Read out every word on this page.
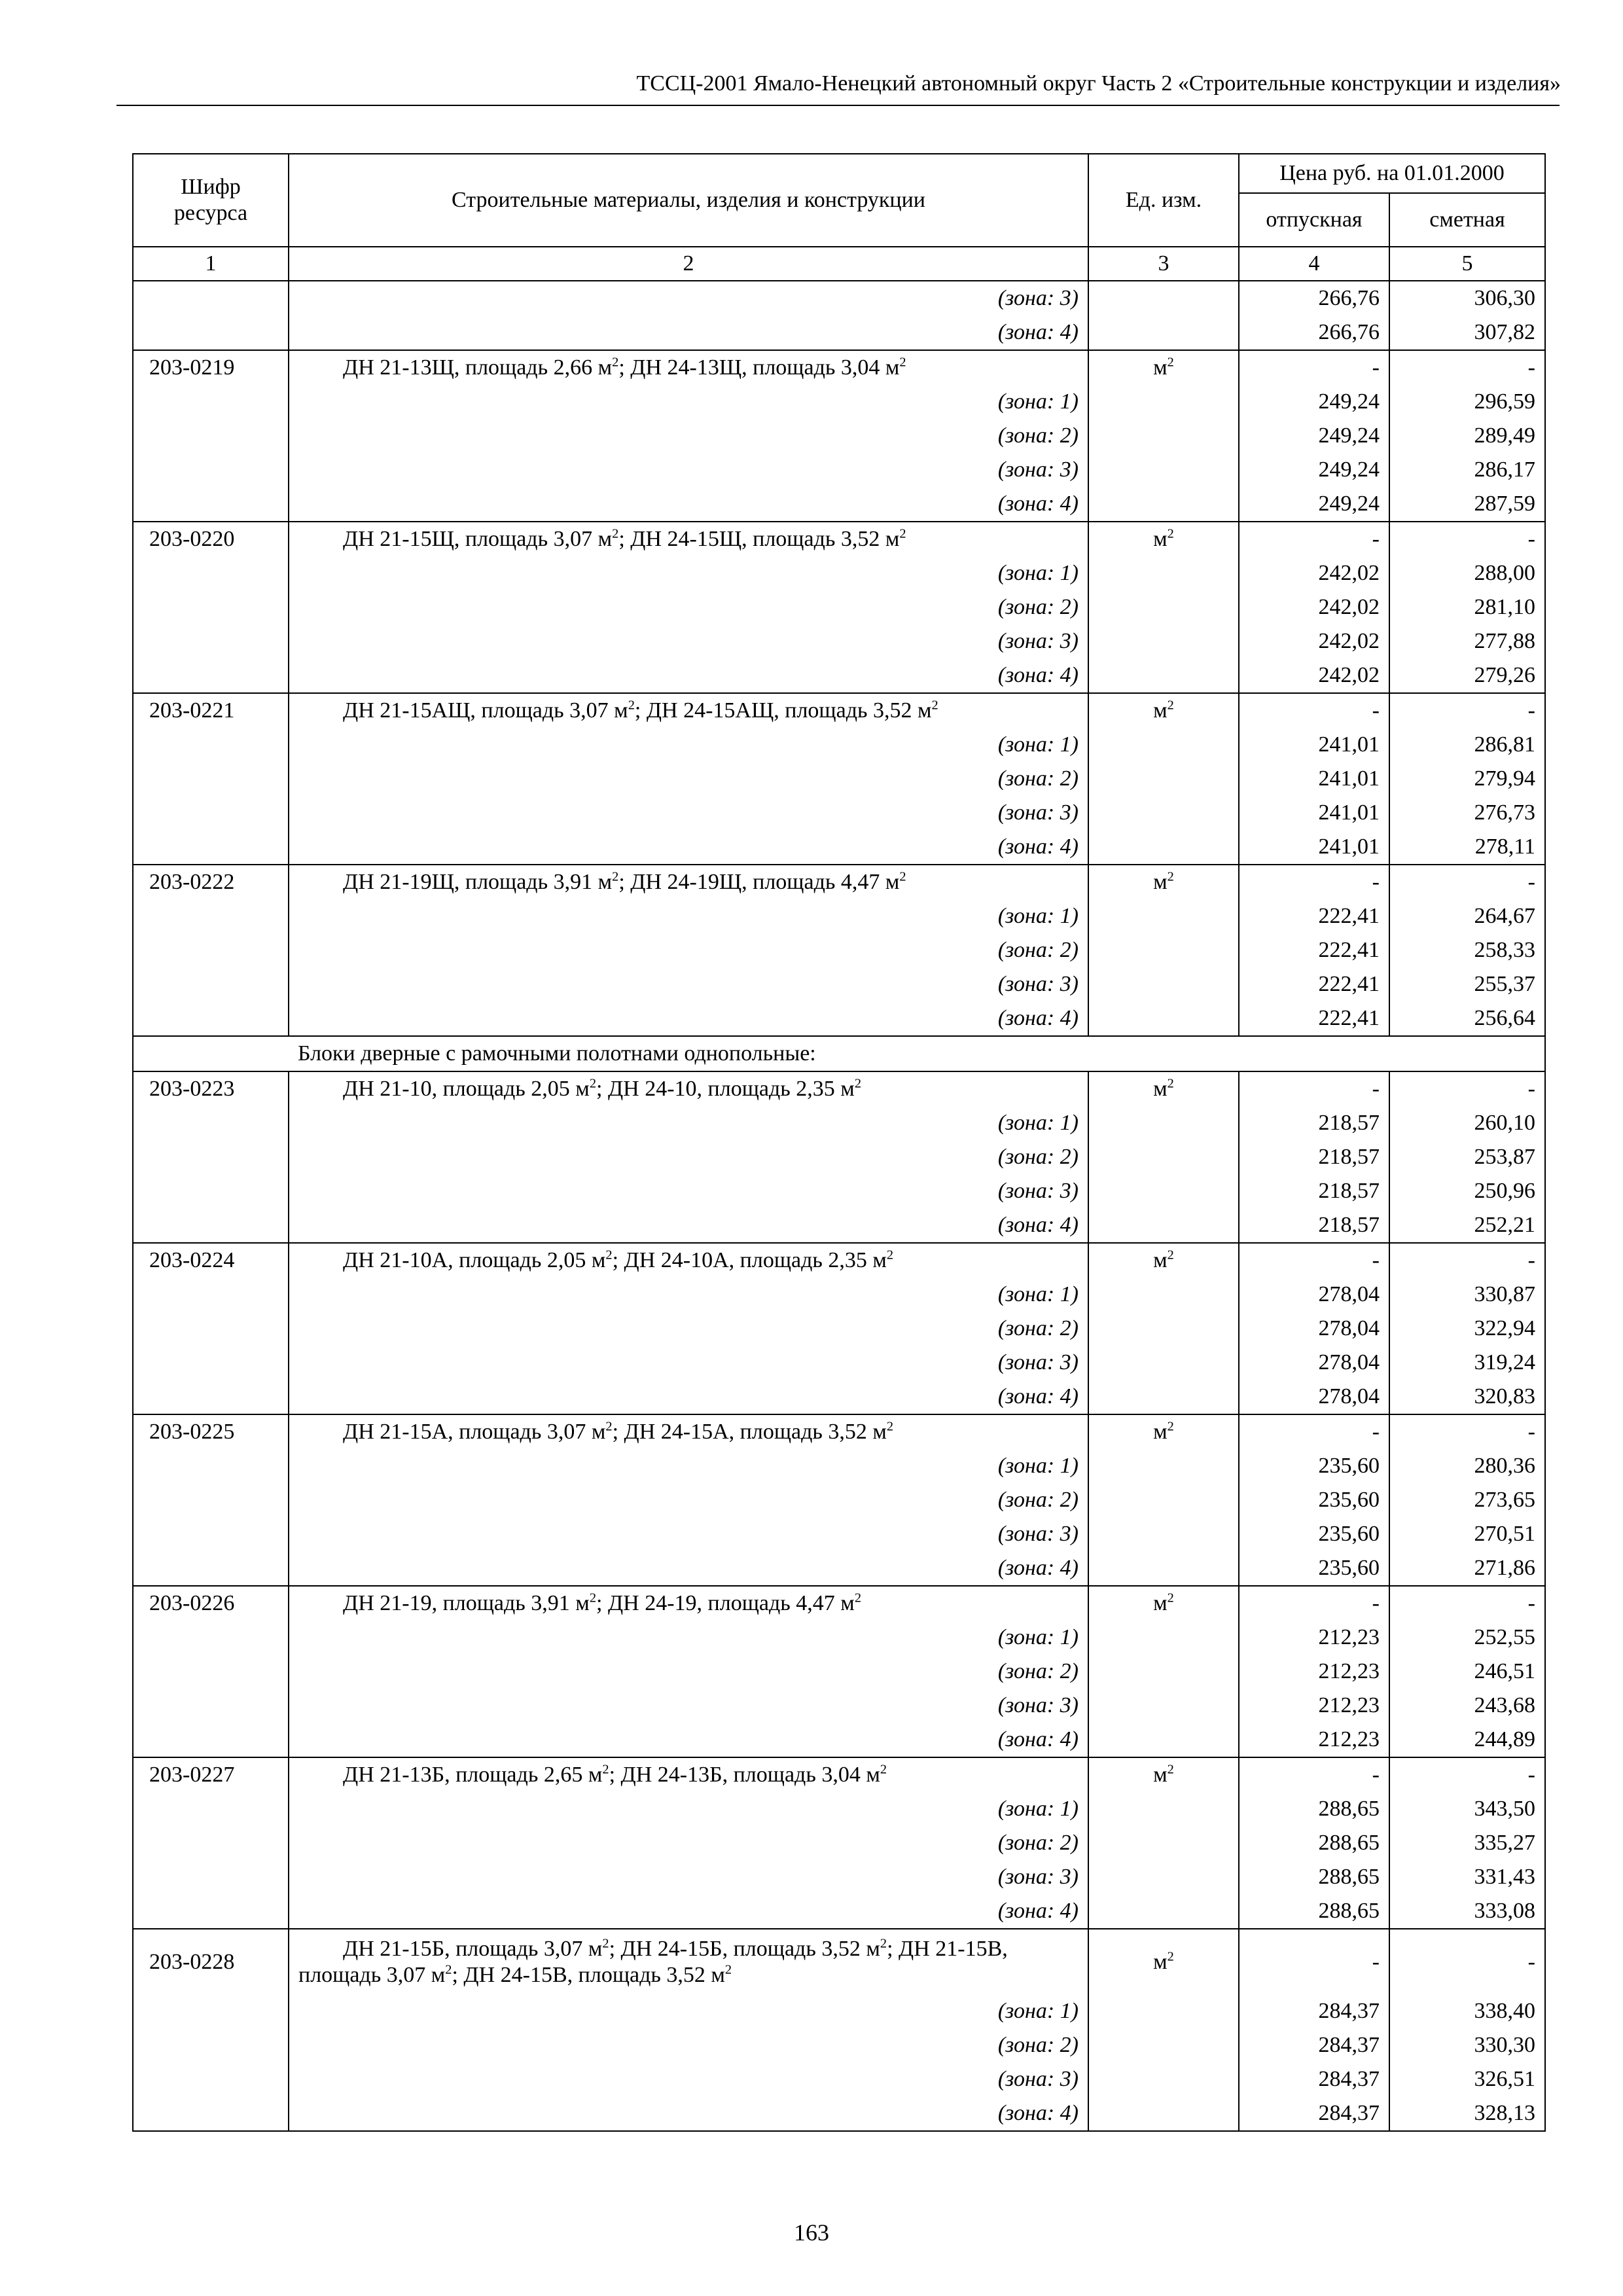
ТССЦ-2001 Ямало-Ненецкий автономный округ Часть 2 «Строительные конструкции и изделия»
Шифр ресурса	Строительные материалы, изделия и конструкции	Ед. изм.	Цена руб. на 01.01.2000	
			отпускная	сметная
1	2	3	4	5
	(зона: 3)		266,76	306,30
	(зона: 4)		266,76	307,82
203-0219	ДН 21-13Щ, площадь 2,66 $м^2$; ДН 24-13Щ, площадь 3,04 $м^2$	$м^2$	-	-
	(зона: 1)		249,24	296,59
	(зона: 2)		249,24	289,49
	(зона: 3)		249,24	286,17
	(зона: 4)		249,24	287,59
203-0220	ДН 21-15Щ, площадь 3,07 $м^2$; ДН 24-15Щ, площадь 3,52 $м^2$	$м^2$	-	-
	(зона: 1)		242,02	288,00
	(зона: 2)		242,02	281,10
	(зона: 3)		242,02	277,88
	(зона: 4)		242,02	279,26
203-0221	ДН 21-15АЩ, площадь 3,07 $м^2$; ДН 24-15АЩ, площадь 3,52 $м^2$	$м^2$	-	-
	(зона: 1)		241,01	286,81
	(зона: 2)		241,01	279,94
	(зона: 3)		241,01	276,73
	(зона: 4)		241,01	278,11
203-0222	ДН 21-19Щ, площадь 3,91 $м^2$; ДН 24-19Щ, площадь 4,47 $м^2$	$м^2$	-	-
	(зона: 1)		222,41	264,67
	(зона: 2)		222,41	258,33
	(зона: 3)		222,41	255,37
	(зона: 4)		222,41	256,64
	Блоки дверные с рамочными полотнами однопольные:			
203-0223	ДН 21-10, площадь 2,05 $м^2$; ДН 24-10, площадь 2,35 $м^2$	$м^2$	-	-
	(зона: 1)		218,57	260,10
	(зона: 2)		218,57	253,87
	(зона: 3)		218,57	250,96
	(зона: 4)		218,57	252,21
203-0224	ДН 21-10А, площадь 2,05 $м^2$; ДН 24-10А, площадь 2,35 $м^2$	$м^2$	-	-
	(зона: 1)		278,04	330,87
	(зона: 2)		278,04	322,94
	(зона: 3)		278,04	319,24
	(зона: 4)		278,04	320,83
203-0225	ДН 21-15А, площадь 3,07 $м^2$; ДН 24-15А, площадь 3,52 $м^2$	$м^2$	-	-
	(зона: 1)		235,60	280,36
	(зона: 2)		235,60	273,65
	(зона: 3)		235,60	270,51
	(зона: 4)		235,60	271,86
203-0226	ДН 21-19, площадь 3,91 $м^2$; ДН 24-19, площадь 4,47 $м^2$	$м^2$	-	-
	(зона: 1)		212,23	252,55
	(зона: 2)		212,23	246,51
	(зона: 3)		212,23	243,68
	(зона: 4)		212,23	244,89
203-0227	ДН 21-13Б, площадь 2,65 $м^2$; ДН 24-13Б, площадь 3,04 $м^2$	$м^2$	-	-
	(зона: 1)		288,65	343,50
	(зона: 2)		288,65	335,27
	(зона: 3)		288,65	331,43
	(зона: 4)		288,65	333,08
203-0228	ДН 21-15Б, площадь 3,07 $м^2$; ДН 24-15Б, площадь 3,52 $м^2$; ДН 21-15В,
площадь 3,07 $м^2$; ДН 24-15В, площадь 3,52 $м^2$	$м^2$	-	-
	(зона: 1)		284,37	338,40
	(зона: 2)		284,37	330,30
	(зона: 3)		284,37	326,51
	(зона: 4)		284,37	328,13
163
